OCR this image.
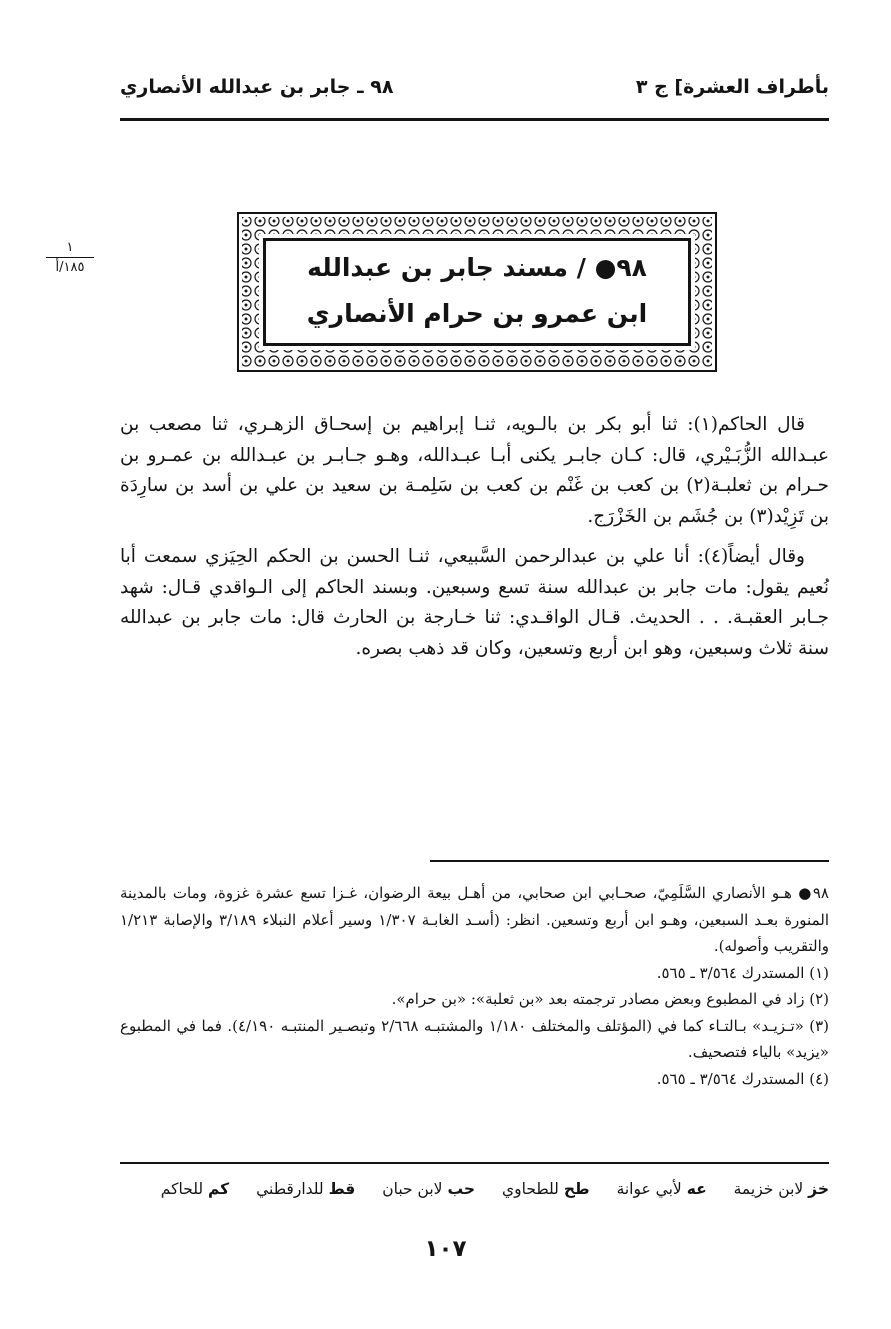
بأطراف العشرة] ج ٣
٩٨ ـ جابر بن عبدالله الأنصاري
١
١٨٥/أ	٩٨● / مسند جابر بن عبدالله
ابن عمرو بن حرام الأنصاري

قال الحاكم(١): ثنا أبو بكر بن بالـويه، ثنـا إبراهيم بن إسحـاق الزهـري، ثنا مصعب بن عبـدالله الزُّبَـيْري، قال: كـان جابـر يكنى أبـا عبـدالله، وهـو جـابـر بن عبـدالله بن عمـرو بن حـرام بن ثعلبـة(٢) بن كعب بن غَنْم بن كعب بن سَلِمـة بن سعيد بن علي بن أسد بن سارِدَة بن تَزِيْد(٣) بن جُشَم بن الخَزْرَج.

وقال أيضاً(٤): أنا علي بن عبدالرحمن السَّبيعي، ثنـا الحسن بن الحكم الحِيَزي سمعت أبا نُعيم يقول: مات جابر بن عبدالله سنة تسع وسبعين. وبسند الحاكم إلى الـواقدي قـال: شهد جـابر العقبـة. . . الحديث. قـال الواقـدي: ثنا خـارجة بن الحارث قال: مات جابر بن عبدالله سنة ثلاث وسبعين، وهو ابن أربع وتسعين، وكان قد ذهب بصره.

٩٨● هـو الأنصاري السَّلَمِيّ، صحـابي ابن صحابي، من أهـل بيعة الرضوان، غـزا تسع عشرة غزوة، ومات بالمدينة المنورة بعـد السبعين، وهـو ابن أربع وتسعين. انظر: (أسـد الغابـة ١/٣٠٧ وسير أعلام النبلاء ٣/١٨٩ والإصابة ١/٢١٣ والتقريب وأصوله).

(١) المستدرك ٣/٥٦٤ ـ ٥٦٥.

(٢) زاد في المطبوع وبعض مصادر ترجمته بعد «بن ثعلبة»: «بن حرام».

(٣) «تـزيـد» بـالتـاء كما في (المؤتلف والمختلف ١/١٨٠ والمشتبـه ٢/٦٦٨ وتبصـير المنتبـه ٤/١٩٠). فما في المطبوع «يزيد» بالياء فتصحيف.

(٤) المستدرك ٣/٥٦٤ ـ ٥٦٥.

خز لابن خزيمة عه لأبي عوانة طح للطحاوي حب لابن حبان قط للدارقطني كم للحاكم
١٠٧
